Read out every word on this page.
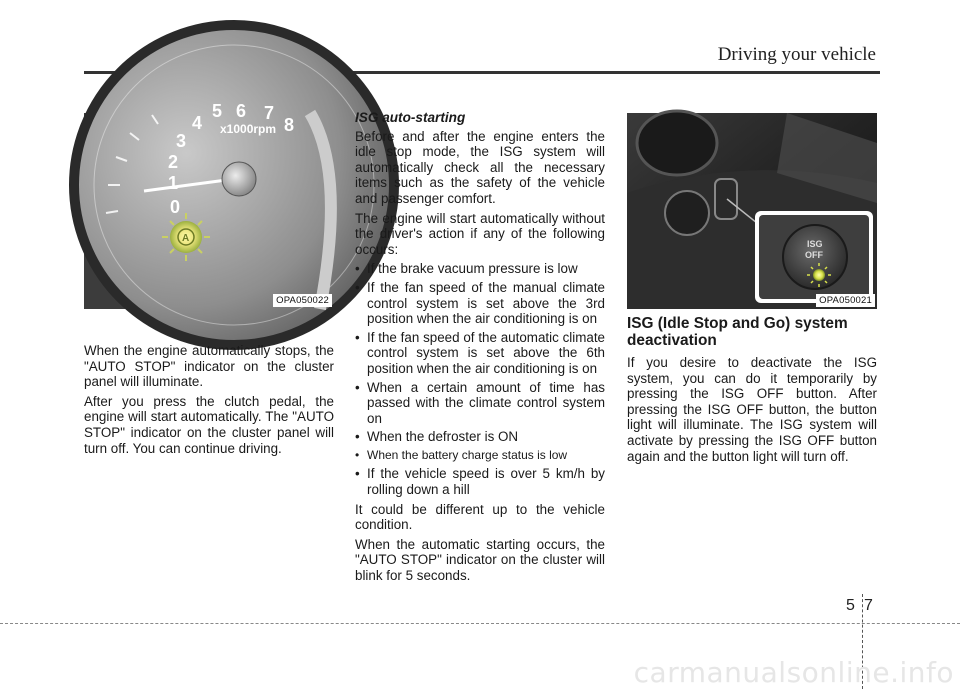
Driving your vehicle
0
1
2
3
4
5 6 7
8
x1000rpm
A
OPA050022
ISG
OFF
OPA050021

When the engine automatically stops, the "AUTO STOP" indicator on the cluster panel will illuminate.

After you press the clutch pedal, the engine will start automatically. The "AUTO STOP" indicator on the cluster panel will turn off. You can continue driving.

ISG auto-starting

Before and after the engine enters the idle stop mode, the ISG system will automatically check all the necessary items such as the safety of the vehicle and passenger comfort.

The engine will start automatically without the driver's action if any of the following occurs:

• If the brake vacuum pressure is low
• If the fan speed of the manual climate control system is set above the 3rd position when the air conditioning is on
• If the fan speed of the automatic climate control system is set above the 6th position when the air conditioning is on
• When a certain amount of time has passed with the climate control system on
• When the defroster is ON
• When the battery charge status is low
• If the vehicle speed is over 5 km/h by rolling down a hill

It could be different up to the vehicle condition.

When the automatic starting occurs, the "AUTO STOP" indicator on the cluster will blink for 5 seconds.

ISG (Idle Stop and Go) system deactivation

If you desire to deactivate the ISG system, you can do it temporarily by pressing the ISG OFF button. After pressing the ISG OFF button, the button light will illuminate. The ISG system will activate by pressing the ISG OFF button again and the button light will turn off.

5 7
carmanualsonline.info
